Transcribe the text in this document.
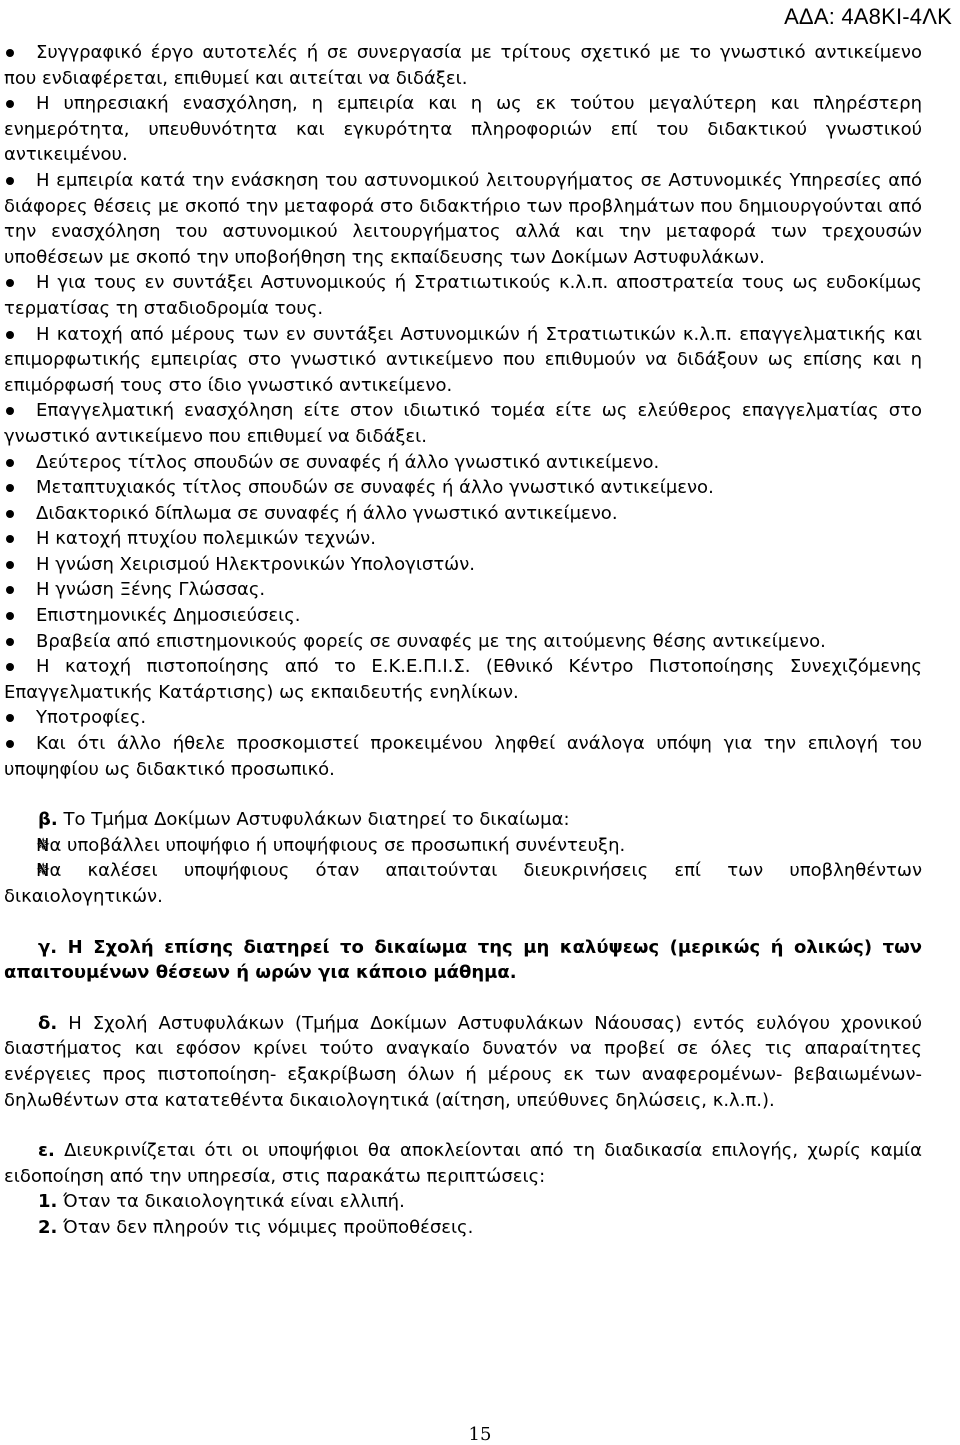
ΑΔΑ: 4Α8ΚΙ-4ΛΚ

Συγγραφικό έργο αυτοτελές ή σε συνεργασία με τρίτους σχετικό με το γνωστικό αντικείμενο που ενδιαφέρεται, επιθυμεί και αιτείται να διδάξει.

Η υπηρεσιακή ενασχόληση, η εμπειρία και η ως εκ τούτου μεγαλύτερη και πληρέστερη ενημερότητα, υπευθυνότητα και εγκυρότητα πληροφοριών επί του διδακτικού γνωστικού αντικειμένου.

Η εμπειρία κατά την ενάσκηση του αστυνομικού λειτουργήματος σε Αστυνομικές Υπηρεσίες από διάφορες θέσεις με σκοπό την μεταφορά στο διδακτήριο των προβλημάτων που δημιουργούνται από την ενασχόληση του αστυνομικού λειτουργήματος αλλά και την μεταφορά των τρεχουσών υποθέσεων με σκοπό την υποβοήθηση της εκπαίδευσης των Δοκίμων Αστυφυλάκων.

Η για τους εν συντάξει Αστυνομικούς ή Στρατιωτικούς κ.λ.π. αποστρατεία τους ως ευδοκίμως τερματίσας τη σταδιοδρομία τους.

Η κατοχή από μέρους των εν συντάξει Αστυνομικών ή Στρατιωτικών κ.λ.π. επαγγελματικής και επιμορφωτικής εμπειρίας στο γνωστικό αντικείμενο που επιθυμούν να διδάξουν ως επίσης και η επιμόρφωσή τους στο ίδιο γνωστικό αντικείμενο.

Επαγγελματική ενασχόληση είτε στον ιδιωτικό τομέα είτε ως ελεύθερος επαγγελματίας στο γνωστικό αντικείμενο που επιθυμεί να διδάξει.

Δεύτερος τίτλος σπουδών σε συναφές ή άλλο γνωστικό αντικείμενο.

Μεταπτυχιακός τίτλος σπουδών σε συναφές ή άλλο γνωστικό αντικείμενο.

Διδακτορικό δίπλωμα σε συναφές ή άλλο γνωστικό αντικείμενο.

Η κατοχή πτυχίου πολεμικών τεχνών.

Η γνώση Χειρισμού Ηλεκτρονικών Υπολογιστών.

Η γνώση Ξένης Γλώσσας.

Επιστημονικές Δημοσιεύσεις.

Βραβεία από επιστημονικούς φορείς σε συναφές με της αιτούμενης θέσης αντικείμενο.

Η κατοχή πιστοποίησης από το Ε.Κ.Ε.Π.Ι.Σ. (Εθνικό Κέντρο Πιστοποίησης Συνεχιζόμενης Επαγγελματικής Κατάρτισης) ως εκπαιδευτής ενηλίκων.

Υποτροφίες.

Και ότι άλλο ήθελε προσκομιστεί προκειμένου ληφθεί ανάλογα υπόψη για την επιλογή του υποψηφίου ως διδακτικό προσωπικό.

β. Το Τμήμα Δοκίμων Αστυφυλάκων διατηρεί το δικαίωμα:

✵ Να υποβάλλει υποψήφιο ή υποψήφιους σε προσωπική συνέντευξη.

✵ Να καλέσει υποψήφιους όταν απαιτούνται διευκρινήσεις επί των υποβληθέντων δικαιολογητικών.

γ. Η Σχολή επίσης διατηρεί το δικαίωμα της μη καλύψεως (μερικώς ή ολικώς) των απαιτουμένων θέσεων ή ωρών για κάποιο μάθημα.

δ. Η Σχολή Αστυφυλάκων (Τμήμα Δοκίμων Αστυφυλάκων Νάουσας) εντός ευλόγου χρονικού διαστήματος και εφόσον κρίνει τούτο αναγκαίο δυνατόν να προβεί σε όλες τις απαραίτητες ενέργειες προς πιστοποίηση- εξακρίβωση όλων ή μέρους εκ των αναφερομένων- βεβαιωμένων- δηλωθέντων στα κατατεθέντα δικαιολογητικά (αίτηση, υπεύθυνες δηλώσεις, κ.λ.π.).

ε. Διευκρινίζεται ότι οι υποψήφιοι θα αποκλείονται από τη διαδικασία επιλογής, χωρίς καμία ειδοποίηση από την υπηρεσία, στις παρακάτω περιπτώσεις:

1. Όταν τα δικαιολογητικά είναι ελλιπή.

2. Όταν δεν πληρούν τις νόμιμες προϋποθέσεις.

15
